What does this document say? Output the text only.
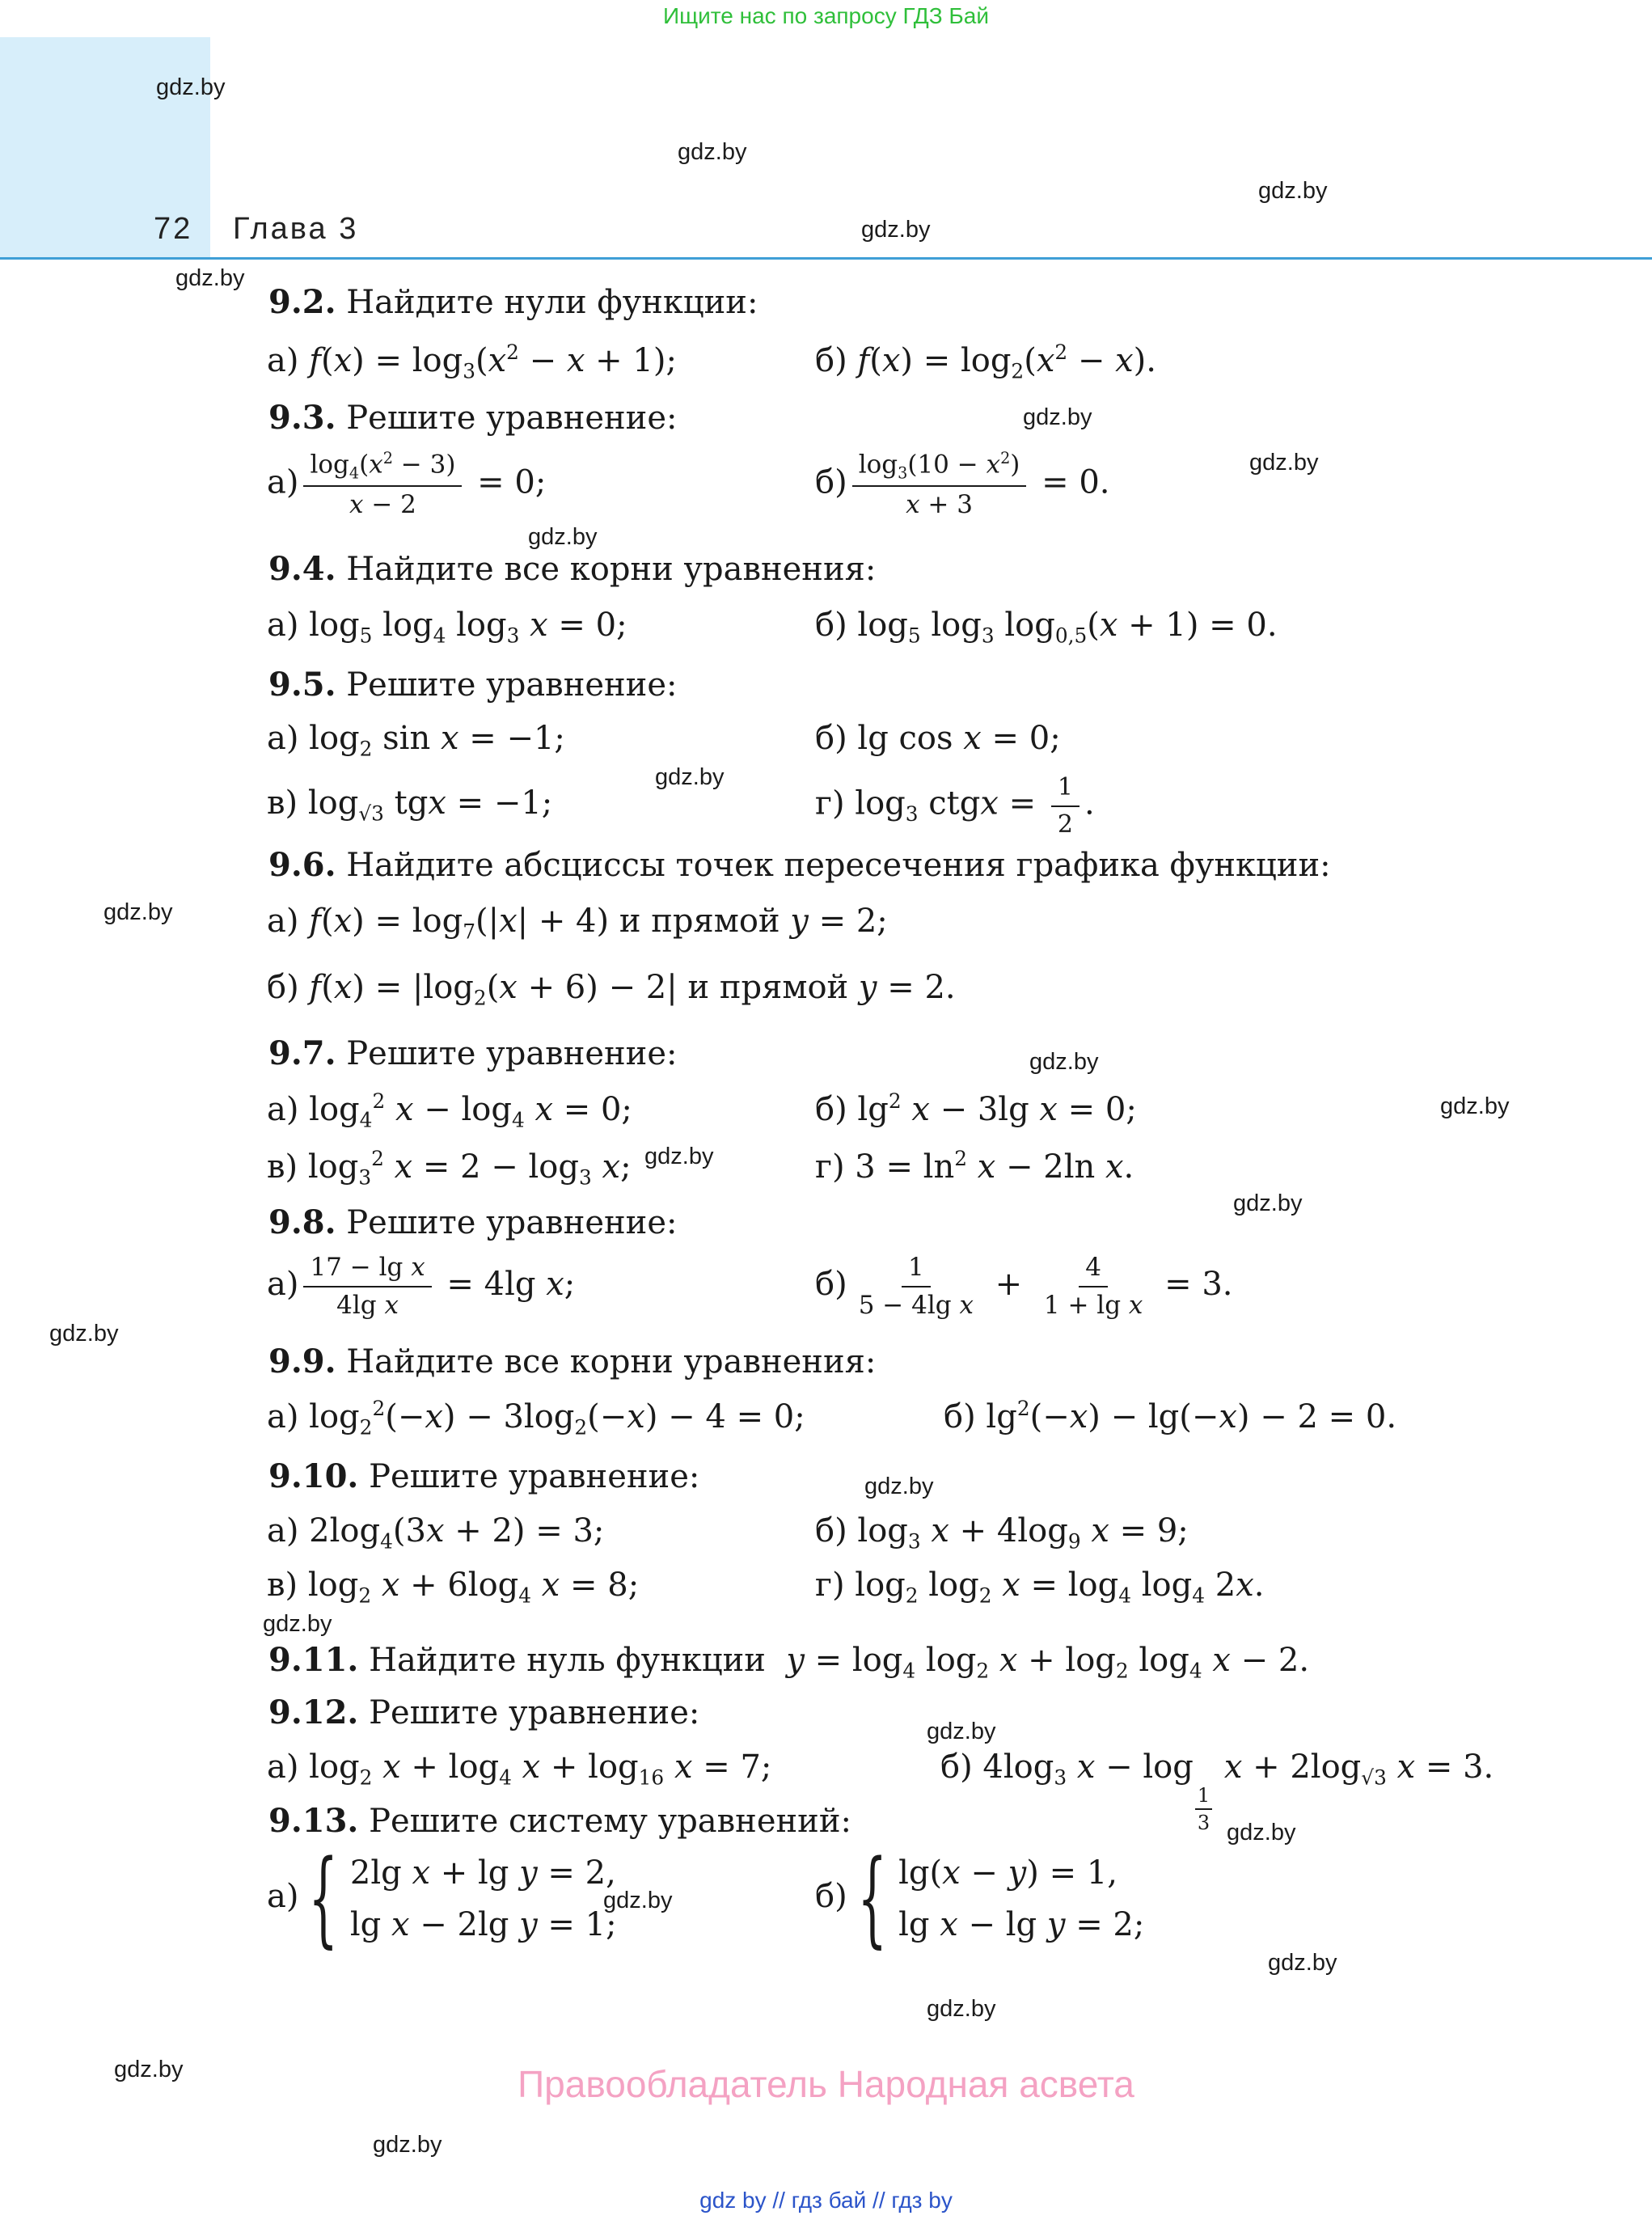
Ищите нас по запросу ГДЗ Бай
72 Глава 3
gdz.by
gdz.by
gdz.by
gdz.by
gdz.by
gdz.by
gdz.by
gdz.by
gdz.by
gdz.by
gdz.by
gdz.by
gdz.by
gdz.by
gdz.by
gdz.by
gdz.by
gdz.by
gdz.by
gdz.by
gdz.by
gdz.by
gdz.by
gdz.by
9.2. Найдите нули функции:
а) $f(x) = \log_3(x^2 - x + 1)$;	б) $f(x) = \log_2(x^2 - x)$.
9.3. Решите уравнение:
$а) \frac{\log_4(x^2 - 3)}{x - 2} = 0$;	$б) \frac{\log_3(10 - x^2)}{x + 3} = 0$.
9.4. Найдите все корни уравнения:
а) $\log_5 \log_4 \log_3 x = 0$;	б) $\log_5 \log_3 \log_{0,5}(x + 1) = 0$.
9.5. Решите уравнение:
а) $\log_2 \sin x = -1$;	б) lg cos x = 0;
в) $\log_{√3}$ tgx = −1;	г) $\log_3$ ctgx = $\frac{1}{2}$ .
9.6. Найдите абсциссы точек пересечения графика функции:
а) $f(x) = \log_7(|x| + 4)$ и прямой y = 2;
б) $f(x) = |\log_2(x + 6) - 2|$ и прямой y = 2.
9.7. Решите уравнение:
а) $\log_4^2 x - \log_4 x = 0$;	б) $\lg^2 x - 3\lg$ x = 0;
в) $\log_3^2 x = 2 - \log_3 x$;	г) $3 = \ln^2 x - 2\ln$ x.
9.8. Решите уравнение:
$а) \frac{\text{17 − lg x}}{\text{4lg x}} = 4\lg$ x;	$б) \frac{1}{\text{5 − 4lg x}} + \frac{4}{\text{1 + lg x}} = 3$.
9.9. Найдите все корни уравнения:
а) $\log_2^2(-x) - 3\log_2(-x) - 4 = 0$;	б) $\lg^2(-x) - \lg(-x) - 2 = 0$.
9.10. Решите уравнение:
а) $2\log_4(3x + 2) = 3$;	б) $\log_3 x + 4\log_9$ x = 9;
в) $\log_2 x + 6\log_4$ x = 8;	г) $\log_2 \log_2 x = \log_4 \log_4 2x$.
9.11. Найдите нуль функции $y = \log_4 \log_2 x + \log_2 \log_4 x - 2$.
9.12. Решите уравнение:
а) $\log_2 x + \log_4 x + \log_{16} x = 7$;	б) $4\log_3$ x − log
$_{\frac{1}{3}}$
$x + 2\log_{√3}$ x = 3.
9.13. Решите систему уравнений:
а){ 2lg x + lg y = 2,
lg x − 2lg y = 1;
б){ lg(x − y) = 1,
lg x − lg y = 2;
Правообладатель Народная асвета
gdz by // гдз бай // гдз by
